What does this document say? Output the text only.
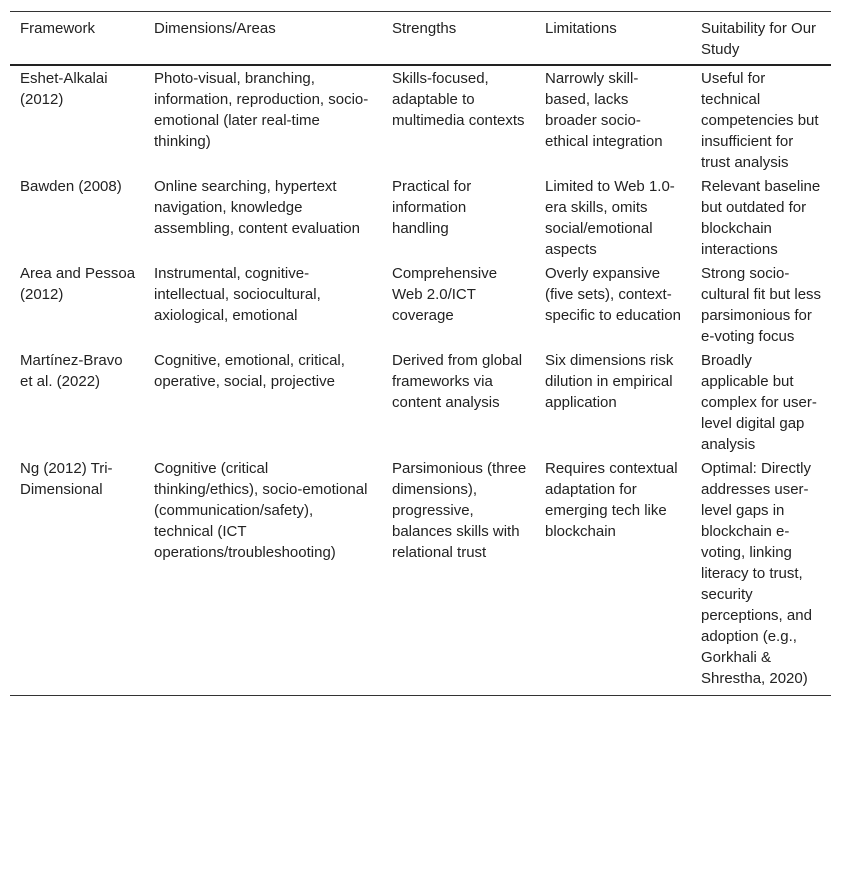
Framework	Dimensions/Areas	Strengths	Limitations	Suitability for Our Study
Eshet-Alkalai (2012)	Photo-visual, branching, information, reproduction, socio-emotional (later real-time thinking)	Skills-focused, adaptable to multimedia contexts	Narrowly skill-based, lacks broader socio-ethical integration	Useful for technical competencies but insufficient for trust analysis
Bawden (2008)	Online searching, hypertext navigation, knowledge assembling, content evaluation	Practical for information handling	Limited to Web 1.0-era skills, omits social/emotional aspects	Relevant baseline but outdated for blockchain interactions
Area and Pessoa (2012)	Instrumental, cognitive-intellectual, sociocultural, axiological, emotional	Comprehensive Web 2.0/ICT coverage	Overly expansive (five sets), context-specific to education	Strong socio-cultural fit but less parsimonious for e-voting focus
Martínez-Bravo et al. (2022)	Cognitive, emotional, critical, operative, social, projective	Derived from global frameworks via content analysis	Six dimensions risk dilution in empirical application	Broadly applicable but complex for user-level digital gap analysis
Ng (2012) Tri-Dimensional	Cognitive (critical thinking/ethics), socio-emotional (communication/safety), technical (ICT operations/troubleshooting)	Parsimonious (three dimensions), progressive, balances skills with relational trust	Requires contextual adaptation for emerging tech like blockchain	Optimal: Directly addresses user-level gaps in blockchain e-voting, linking literacy to trust, security perceptions, and adoption (e.g., Gorkhali & Shrestha, 2020)
